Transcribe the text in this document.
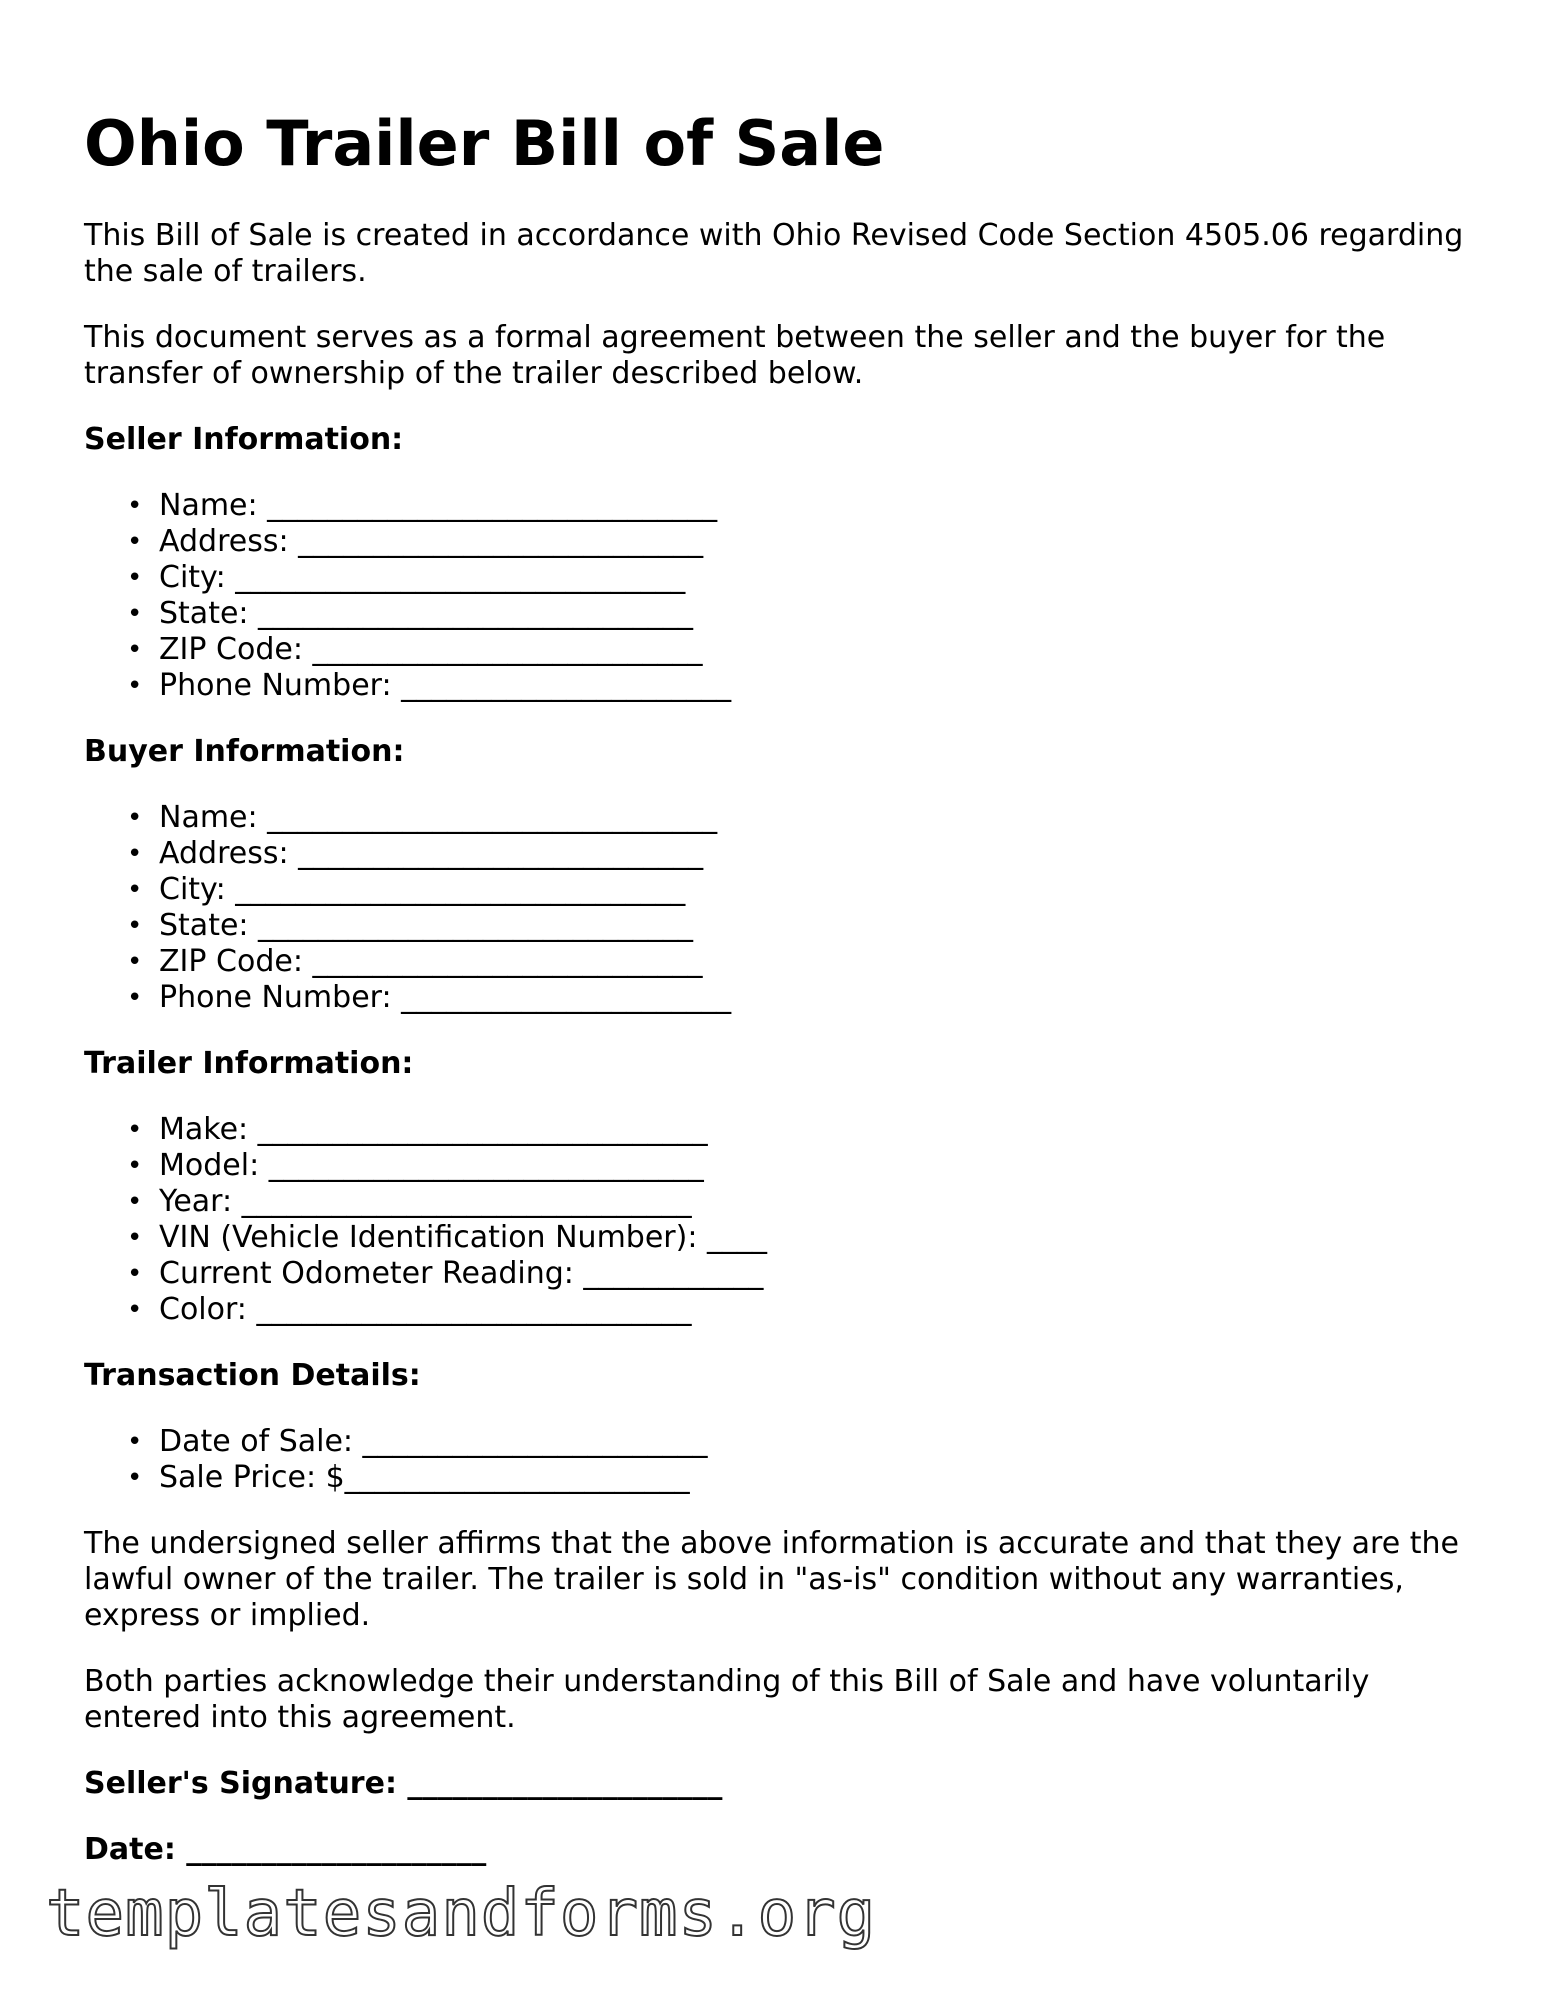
Ohio Trailer Bill of Sale

This Bill of Sale is created in accordance with Ohio Revised Code Section 4505.06 regarding the sale of trailers.

This document serves as a formal agreement between the seller and the buyer for the transfer of ownership of the trailer described below.

Seller Information:
• Name: ______________________________
• Address: ___________________________
• City: ______________________________
• State: _____________________________
• ZIP Code: __________________________
• Phone Number: ______________________
Buyer Information:
• Name: ______________________________
• Address: ___________________________
• City: ______________________________
• State: _____________________________
• ZIP Code: __________________________
• Phone Number: ______________________
Trailer Information:
• Make: ______________________________
• Model: _____________________________
• Year: ______________________________
• VIN (Vehicle Identification Number): ____
• Current Odometer Reading: ____________
• Color: _____________________________
Transaction Details:
• Date of Sale: _______________________
• Sale Price: $_______________________

The undersigned seller affirms that the above information is accurate and that they are the lawful owner of the trailer. The trailer is sold in "as-is" condition without any warranties, express or implied.

Both parties acknowledge their understanding of this Bill of Sale and have voluntarily entered into this agreement.

Seller's Signature: _____________________
Date: ____________________
templatesandforms.org
